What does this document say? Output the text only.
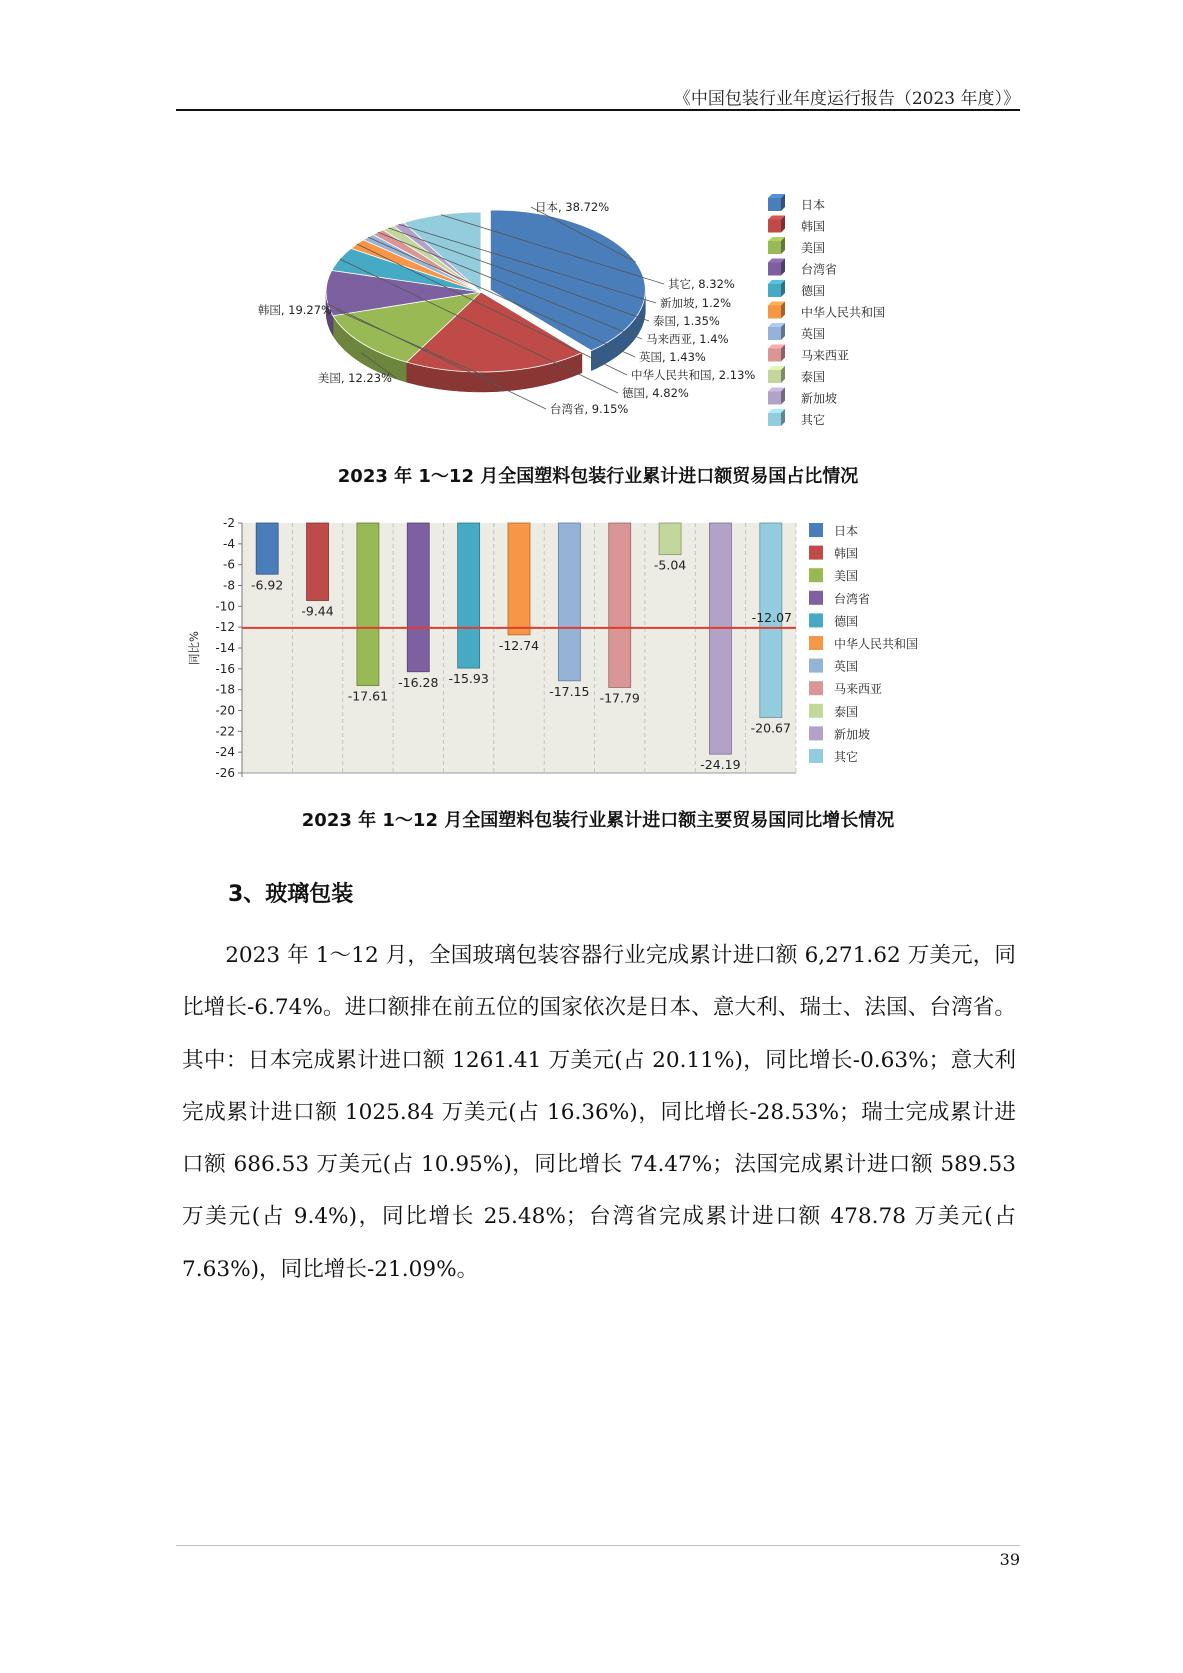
《中国包装行业年度运行报告（2023 年度）》
日本, 38.72%
韩国, 19.27%
美国, 12.23%
台湾省, 9.15%
德国, 4.82%
中华人民共和国, 2.13%
英国, 1.43%
马来西亚, 1.4%
泰国, 1.35%
新加坡, 1.2%
其它, 8.32%
日本
韩国
美国
台湾省
德国
中华人民共和国
英国
马来西亚
泰国
新加坡
其它
2023 年 1～12 月全国塑料包装行业累计进口额贸易国占比情况
-2
-4
-6
-8
-10
-12
-14
-16
-18
-20
-22
-24
-26
同比%
-6.92
-9.44
-17.61
-16.28 -15.93
-12.74
-17.15 -17.79
-5.04
-24.19
-20.67
-12.07
日本
韩国
美国
台湾省
德国
中华人民共和国
英国
马来西亚
泰国
新加坡
其它
2023 年 1～12 月全国塑料包装行业累计进口额主要贸易国同比增长情况
3、玻璃包装

2023 年 1～12 月，全国玻璃包装容器行业完成累计进口额 6,271.62 万美元，同比增长-6.74%。进口额排在前五位的国家依次是日本、意大利、瑞士、法国、台湾省。其中：日本完成累计进口额 1261.41 万美元(占 20.11%)，同比增长-0.63%；意大利完成累计进口额 1025.84 万美元(占 16.36%)，同比增长-28.53%；瑞士完成累计进口额 686.53 万美元(占 10.95%)，同比增长 74.47%；法国完成累计进口额 589.53 万美元(占 9.4%)，同比增长 25.48%；台湾省完成累计进口额 478.78 万美元(占 7.63%)，同比增长-21.09%。

39
